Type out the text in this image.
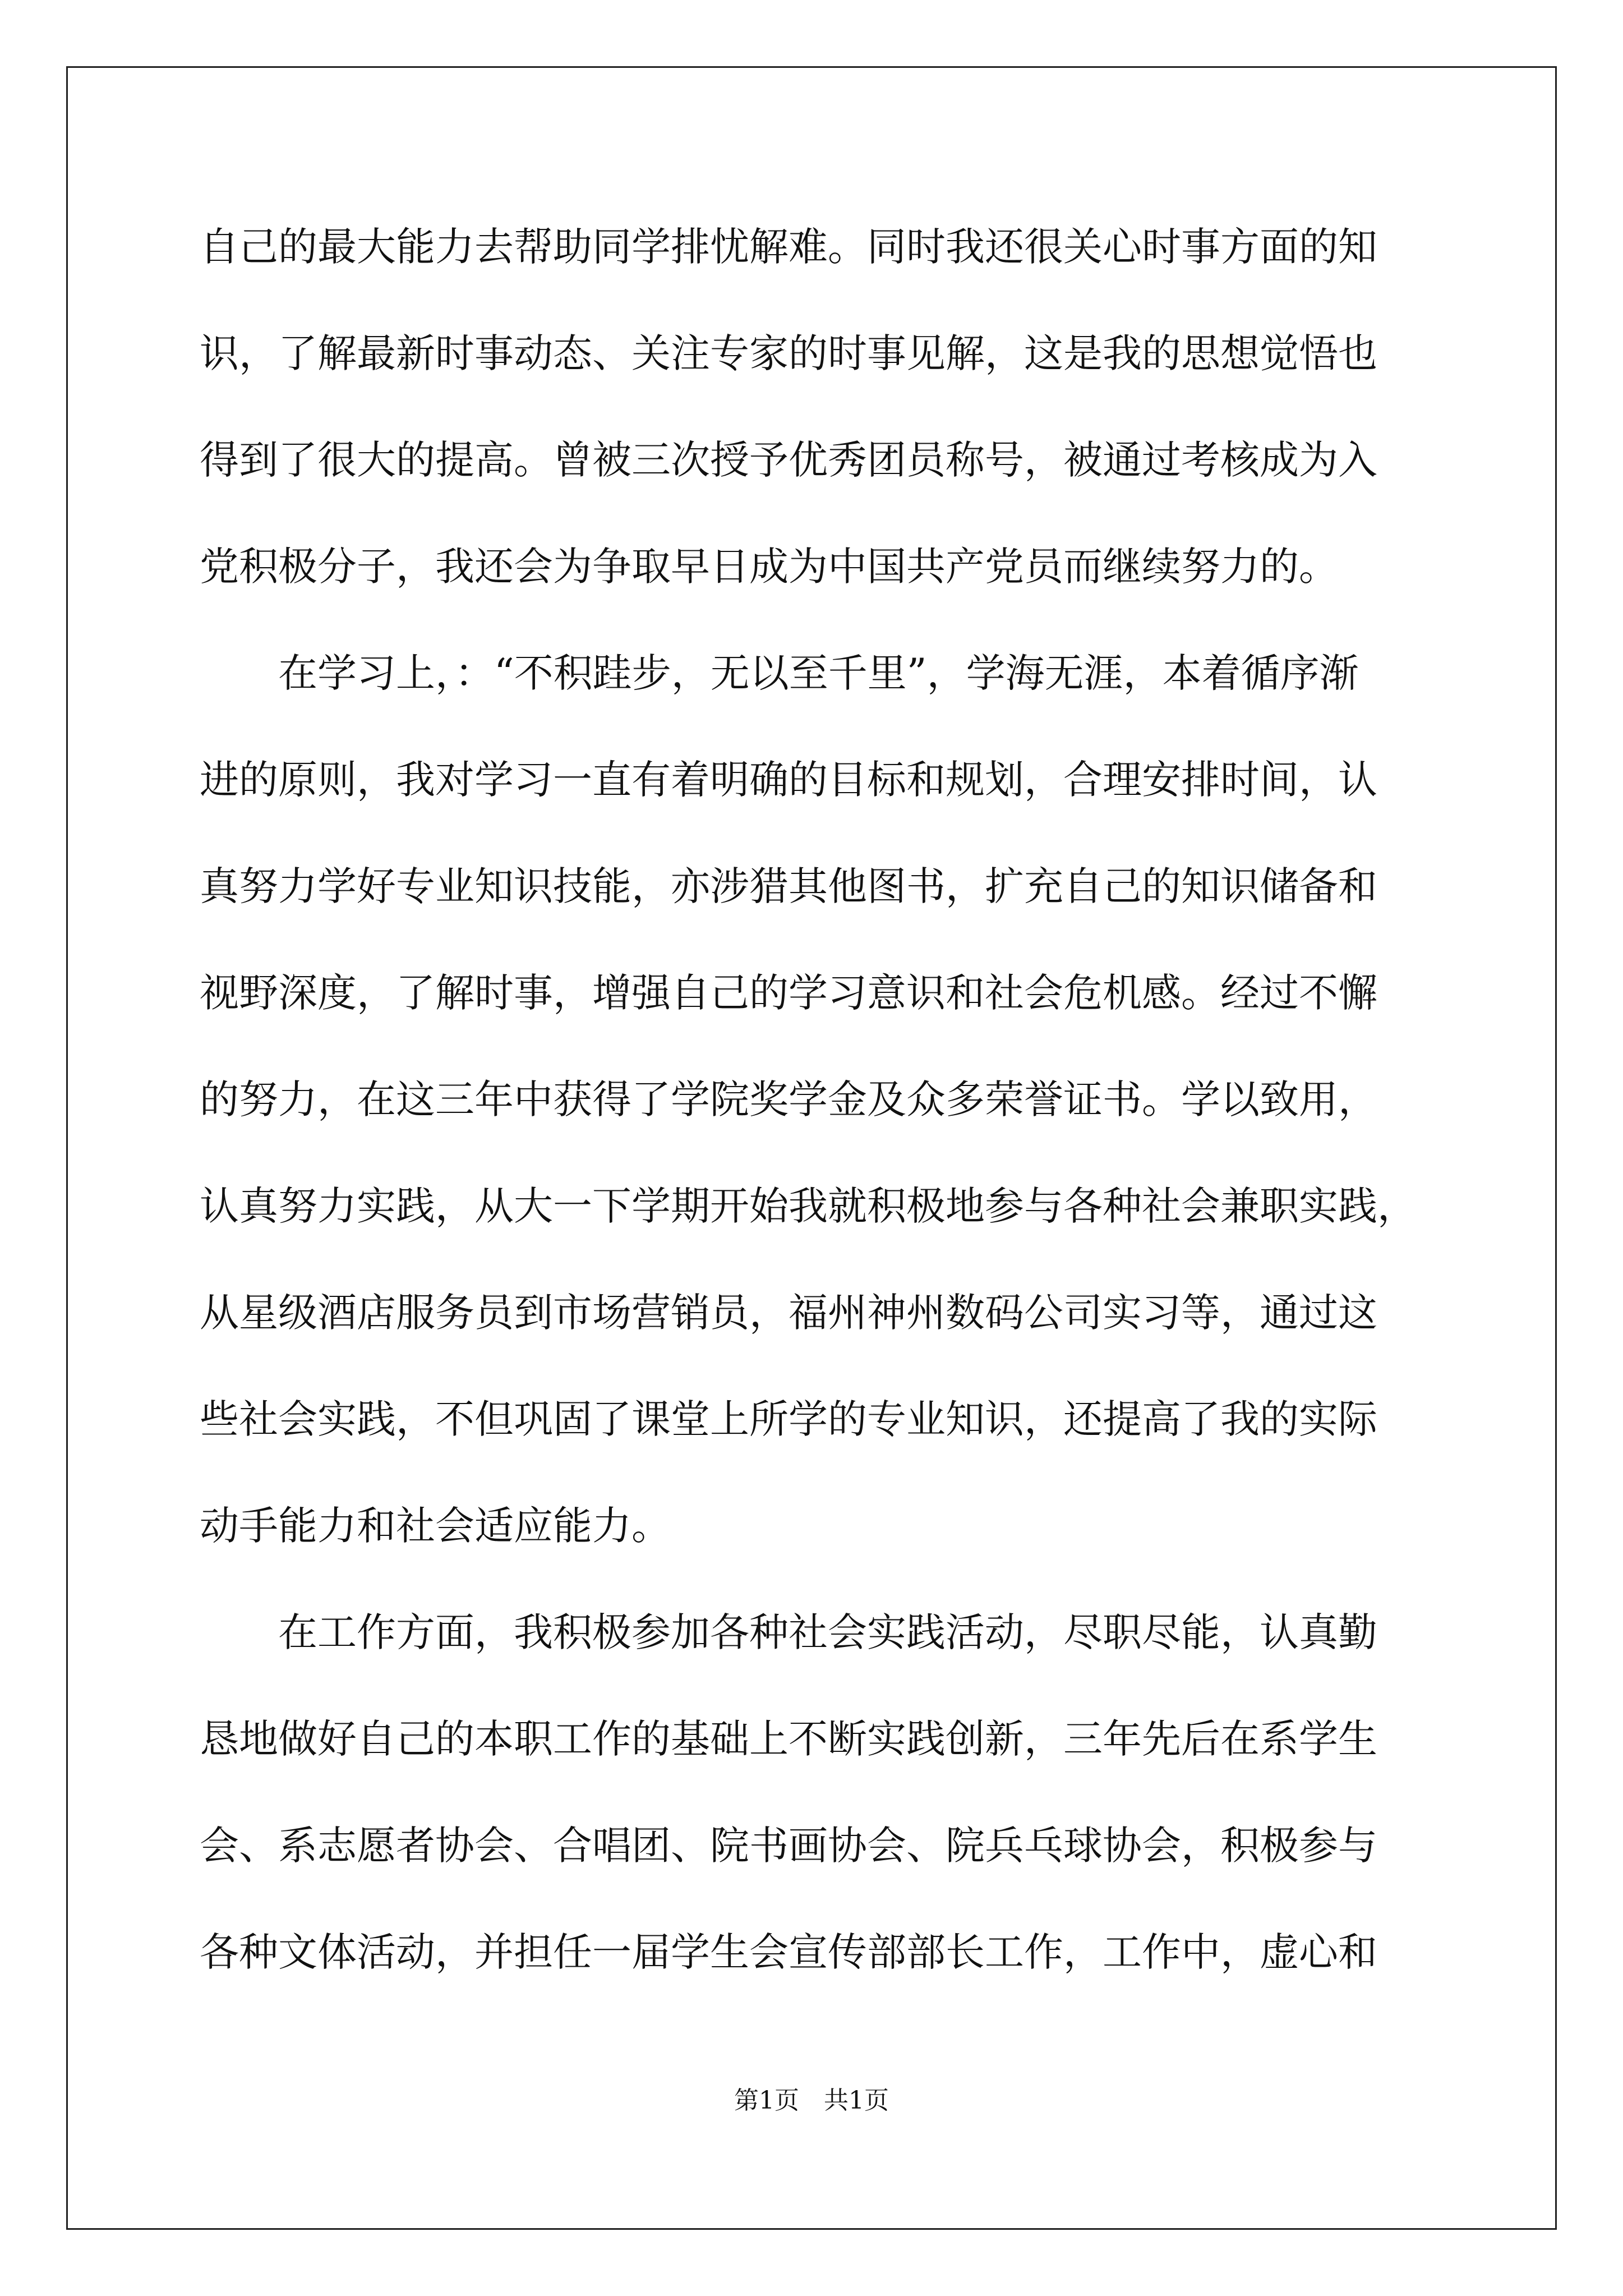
自己的最大能力去帮助同学排忧解难。同时我还很关心时事方面的知
识，了解最新时事动态、关注专家的时事见解，这是我的思想觉悟也
得到了很大的提高。曾被三次授予优秀团员称号，被通过考核成为入
党积极分子，我还会为争取早日成为中国共产党员而继续努力的。
　　在学习上，：“不积跬步，无以至千里”，学海无涯，本着循序渐
进的原则，我对学习一直有着明确的目标和规划，合理安排时间，认
真努力学好专业知识技能，亦涉猎其他图书，扩充自己的知识储备和
视野深度，了解时事，增强自己的学习意识和社会危机感。经过不懈
的努力，在这三年中获得了学院奖学金及众多荣誉证书。学以致用，
认真努力实践，从大一下学期开始我就积极地参与各种社会兼职实践，
从星级酒店服务员到市场营销员，福州神州数码公司实习等，通过这
些社会实践，不但巩固了课堂上所学的专业知识，还提高了我的实际
动手能力和社会适应能力。
　　在工作方面，我积极参加各种社会实践活动，尽职尽能，认真勤
恳地做好自己的本职工作的基础上不断实践创新，三年先后在系学生
会、系志愿者协会、合唱团、院书画协会、院兵乓球协会，积极参与
各种文体活动，并担任一届学生会宣传部部长工作，工作中，虚心和
第1页　共1页
